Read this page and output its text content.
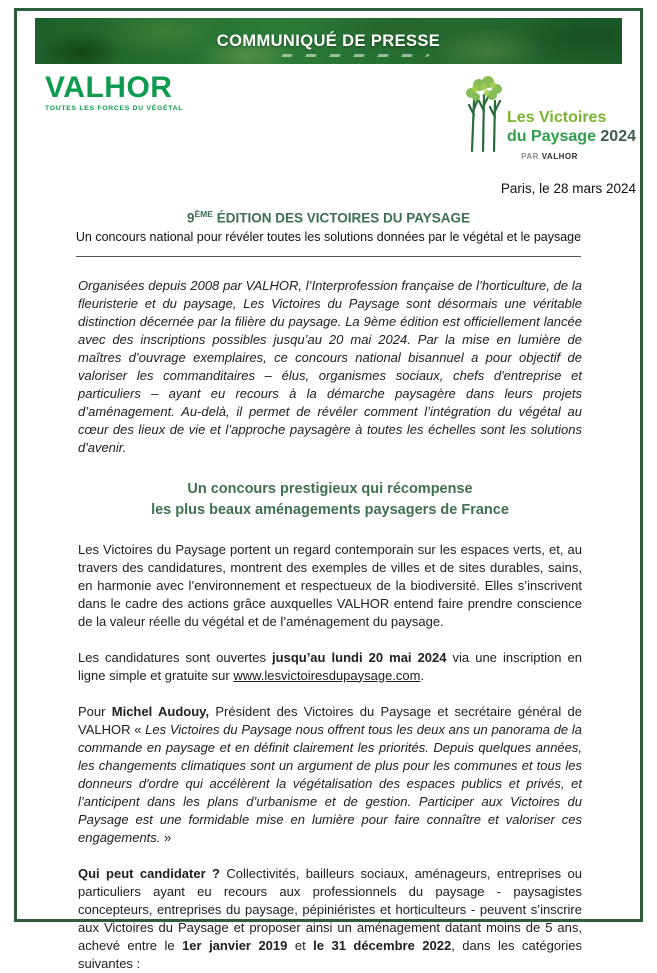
COMMUNIQUÉ DE PRESSE
VALHOR
TOUTES LES FORCES DU VÉGÉTAL
Les Victoires
du Paysage 2024
PAR VALHOR
Paris, le 28 mars 2024
9ÈME ÉDITION DES VICTOIRES DU PAYSAGE
Un concours national pour révéler toutes les solutions données par le végétal et le paysage

Organisées depuis 2008 par VALHOR, l’Interprofession française de l’horticulture, de la fleuristerie et du paysage, Les Victoires du Paysage sont désormais une véritable distinction décernée par la filière du paysage. La 9ème édition est officiellement lancée avec des inscriptions possibles jusqu’au 20 mai 2024. Par la mise en lumière de maîtres d’ouvrage exemplaires, ce concours national bisannuel a pour objectif de valoriser les commanditaires – élus, organismes sociaux, chefs d'entreprise et particuliers – ayant eu recours à la démarche paysagère dans leurs projets d’aménagement. Au-delà, il permet de révéler comment l’intégration du végétal au cœur des lieux de vie et l’approche paysagère à toutes les échelles sont les solutions d'avenir.

Un concours prestigieux qui récompense
les plus beaux aménagements paysagers de France

Les Victoires du Paysage portent un regard contemporain sur les espaces verts, et, au travers des candidatures, montrent des exemples de villes et de sites durables, sains, en harmonie avec l’environnement et respectueux de la biodiversité. Elles s’inscrivent dans le cadre des actions grâce auxquelles VALHOR entend faire prendre conscience de la valeur réelle du végétal et de l’aménagement du paysage.

Les candidatures sont ouvertes jusqu’au lundi 20 mai 2024 via une inscription en ligne simple et gratuite sur www.lesvictoiresdupaysage.com.

Pour Michel Audouy, Président des Victoires du Paysage et secrétaire général de VALHOR « Les Victoires du Paysage nous offrent tous les deux ans un panorama de la commande en paysage et en définit clairement les priorités. Depuis quelques années, les changements climatiques sont un argument de plus pour les communes et tous les donneurs d'ordre qui accélèrent la végétalisation des espaces publics et privés, et l’anticipent dans les plans d’urbanisme et de gestion. Participer aux Victoires du Paysage est une formidable mise en lumière pour faire connaître et valoriser ces engagements. »

Qui peut candidater ? Collectivités, bailleurs sociaux, aménageurs, entreprises ou particuliers ayant eu recours aux professionnels du paysage - paysagistes concepteurs, entreprises du paysage, pépiniéristes et horticulteurs - peuvent s’inscrire aux Victoires du Paysage et proposer ainsi un aménagement datant moins de 5 ans, achevé entre le 1er janvier 2019 et le 31 décembre 2022, dans les catégories suivantes :
